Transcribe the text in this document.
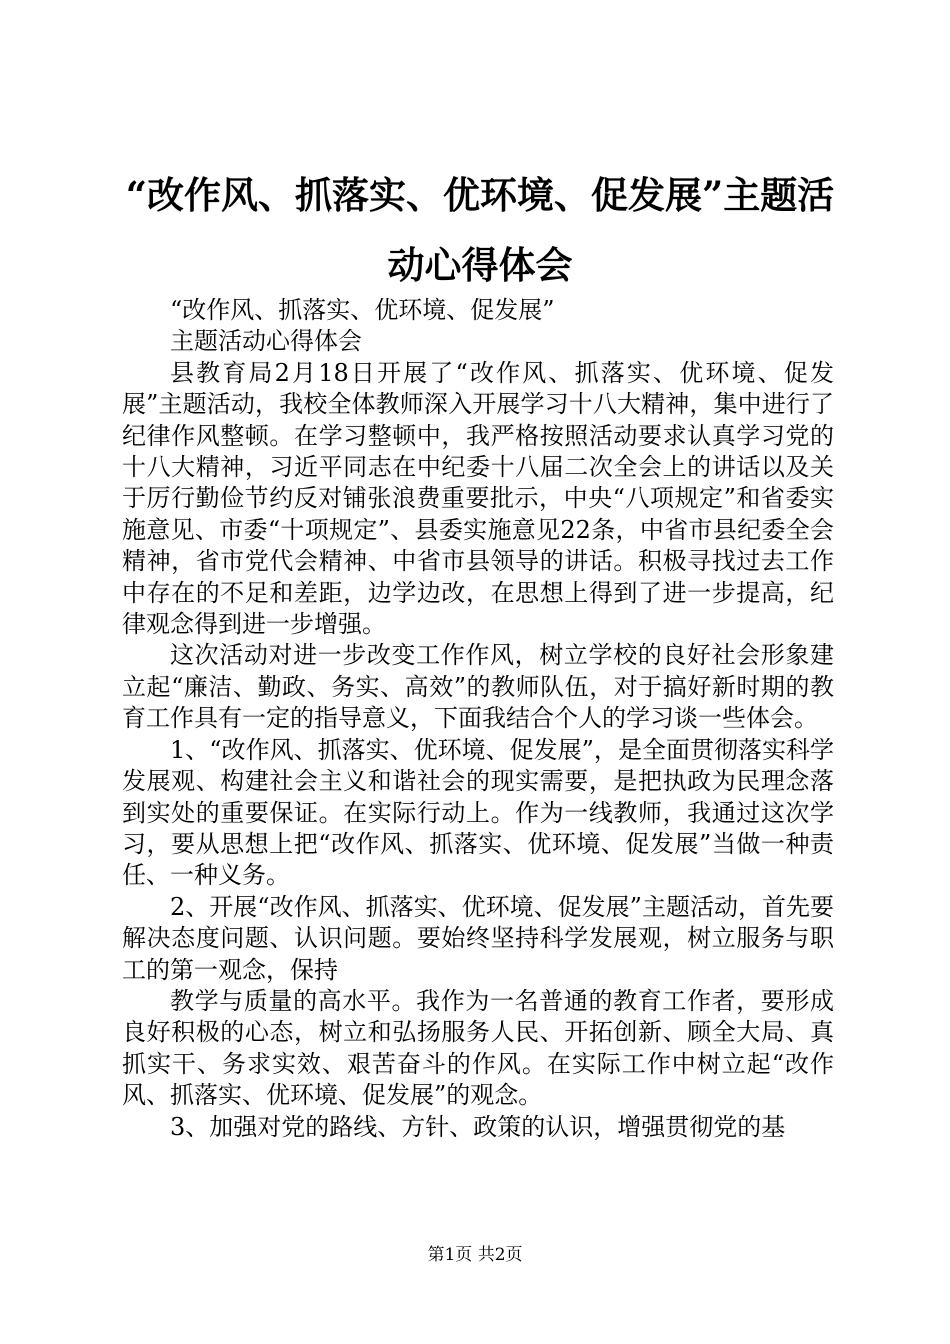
“改作风、抓落实、优环境、促发展”主题活动心得体会

“改作风、抓落实、优环境、促发展”

主题活动心得体会

县教育局2月18日开展了“改作风、抓落实、优环境、促发展”主题活动，我校全体教师深入开展学习十八大精神，集中进行了纪律作风整顿。在学习整顿中，我严格按照活动要求认真学习党的十八大精神，习近平同志在中纪委十八届二次全会上的讲话以及关于厉行勤俭节约反对铺张浪费重要批示，中央“八项规定”和省委实施意见、市委“十项规定”、县委实施意见22条，中省市县纪委全会精神，省市党代会精神、中省市县领导的讲话。积极寻找过去工作中存在的不足和差距，边学边改，在思想上得到了进一步提高，纪律观念得到进一步增强。

这次活动对进一步改变工作作风，树立学校的良好社会形象建立起“廉洁、勤政、务实、高效”的教师队伍，对于搞好新时期的教育工作具有一定的指导意义，下面我结合个人的学习谈一些体会。

1、“改作风、抓落实、优环境、促发展”，是全面贯彻落实科学发展观、构建社会主义和谐社会的现实需要，是把执政为民理念落到实处的重要保证。在实际行动上。作为一线教师，我通过这次学习，要从思想上把“改作风、抓落实、优环境、促发展”当做一种责任、一种义务。

2、开展“改作风、抓落实、优环境、促发展”主题活动，首先要解决态度问题、认识问题。要始终坚持科学发展观，树立服务与职工的第一观念，保持

教学与质量的高水平。我作为一名普通的教育工作者，要形成良好积极的心态，树立和弘扬服务人民、开拓创新、顾全大局、真抓实干、务求实效、艰苦奋斗的作风。在实际工作中树立起“改作风、抓落实、优环境、促发展”的观念。

3、加强对党的路线、方针、政策的认识，增强贯彻党的基

第1页 共2页
